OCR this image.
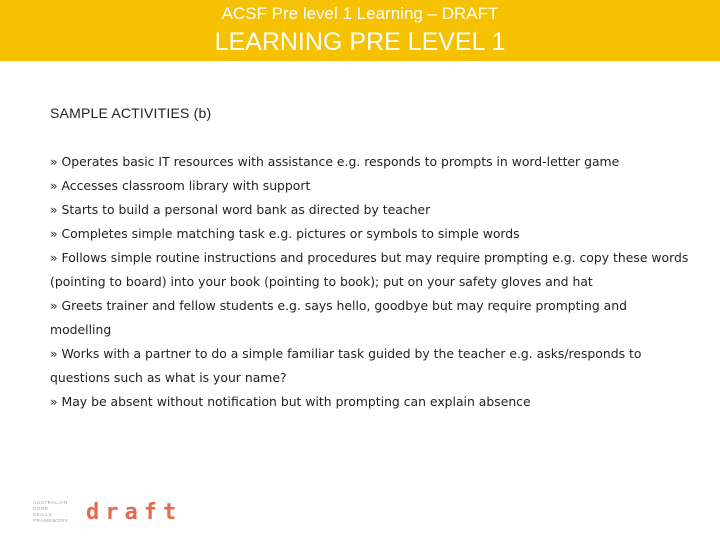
ACSF Pre level 1 Learning – DRAFT
LEARNING PRE LEVEL 1
SAMPLE ACTIVITIES (b)
» Operates basic IT resources with assistance e.g. responds to prompts in word-letter game
» Accesses classroom library with support
» Starts to build a personal word bank as directed by teacher
» Completes simple matching task e.g. pictures or symbols to simple words
» Follows simple routine instructions and procedures but may require prompting e.g. copy these words (pointing to board) into your book (pointing to book); put on your safety gloves and hat
» Greets trainer and fellow students e.g. says hello, goodbye but may require prompting and modelling
» Works with a partner to do a simple familiar task guided by the teacher e.g. asks/responds to questions such as what is your name?
» May be absent without notification but with prompting can explain absence
AUSTRALIAN
CORE
SKILLS
FRAMEWORK draft
